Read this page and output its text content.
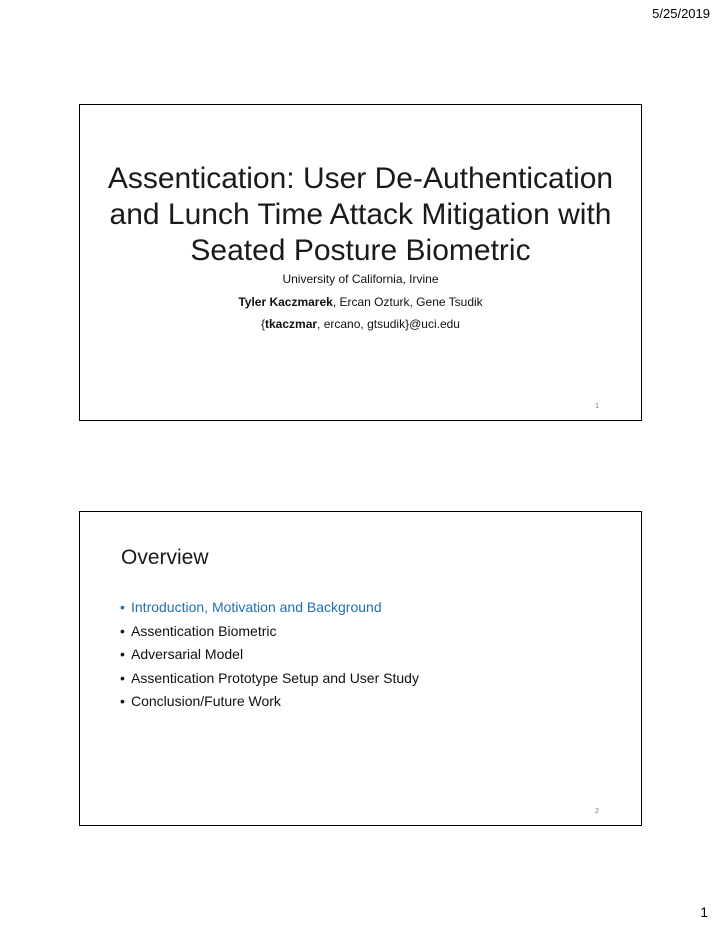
5/25/2019
Assentication: User De-Authentication and Lunch Time Attack Mitigation with Seated Posture Biometric
University of California, Irvine
Tyler Kaczmarek, Ercan Ozturk, Gene Tsudik
{tkaczmar, ercano, gtsudik}@uci.edu
1
Overview
• Introduction, Motivation and Background
• Assentication Biometric
• Adversarial Model
• Assentication Prototype Setup and User Study
• Conclusion/Future Work
2
1
